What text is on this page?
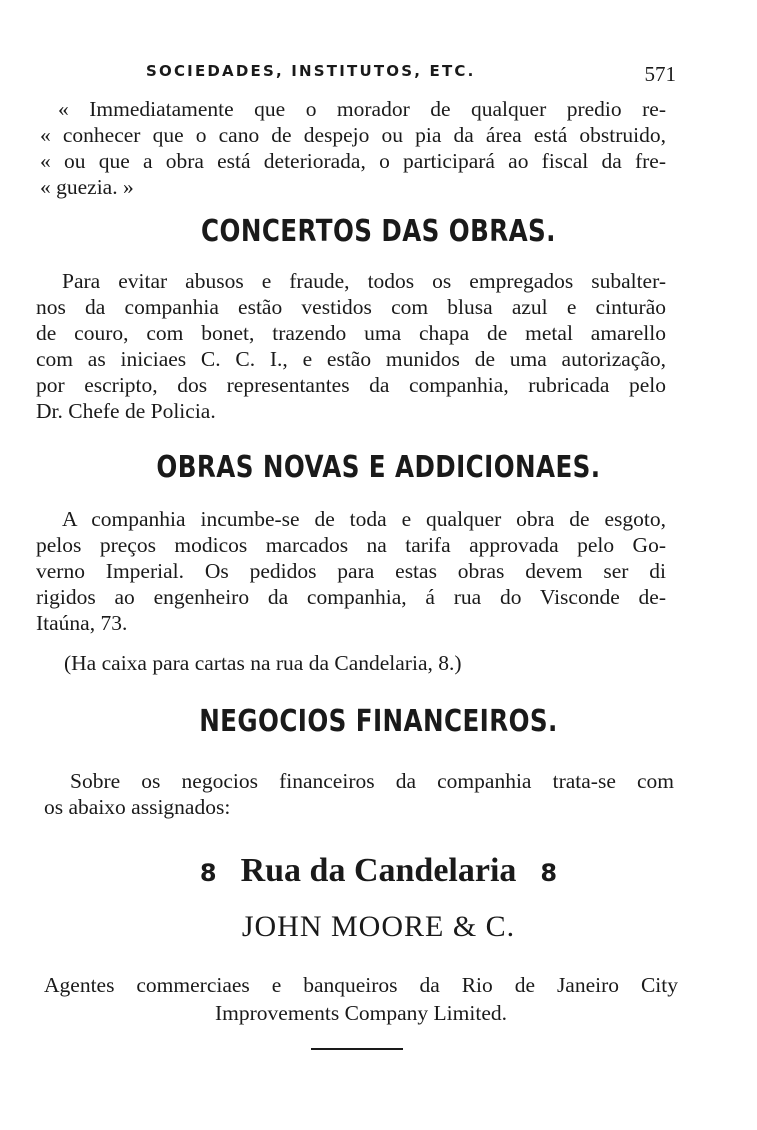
SOCIEDADES, INSTITUTOS, ETC.	571
« Immediatamente que o morador de qualquer predio re-
« conhecer que o cano de despejo ou pia da área está obstruido,
« ou que a obra está deteriorada, o participará ao fiscal da fre-
« guezia. »
CONCERTOS DAS OBRAS.
Para evitar abusos e fraude, todos os empregados subalter-
nos da companhia estão vestidos com blusa azul e cinturão
de couro, com bonet, trazendo uma chapa de metal amarello
com as iniciaes C. C. I., e estão munidos de uma autorização,
por escripto, dos representantes da companhia, rubricada pelo
Dr. Chefe de Policia.
OBRAS NOVAS E ADDICIONAES.
A companhia incumbe-se de toda e qualquer obra de esgoto,
pelos preços modicos marcados na tarifa approvada pelo Go-
verno Imperial. Os pedidos para estas obras devem ser di
rigidos ao engenheiro da companhia, á rua do Visconde de-
Itaúna, 73.
(Ha caixa para cartas na rua da Candelaria, 8.)
NEGOCIOS FINANCEIROS.
Sobre os negocios financeiros da companhia trata-se com
os abaixo assignados:
8 Rua da Candelaria 8
JOHN MOORE & C.
Agentes commerciaes e banqueiros da Rio de Janeiro City
Improvements Company Limited.
